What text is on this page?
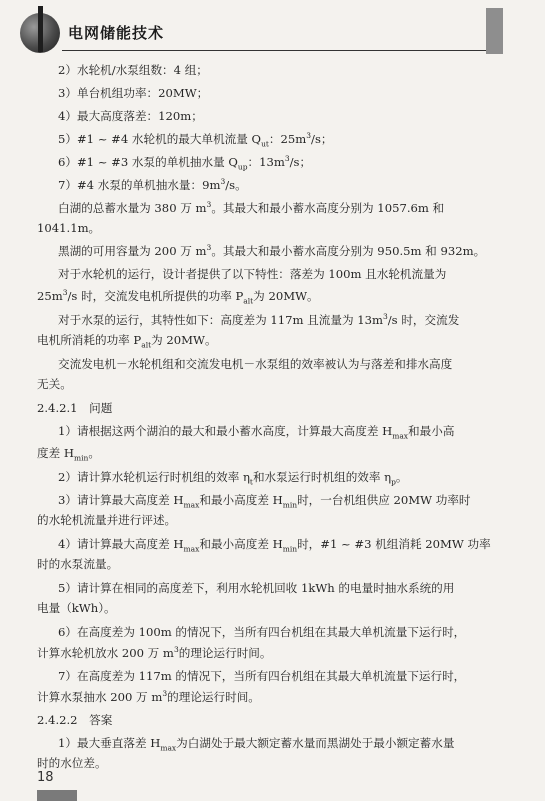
电网储能技术
2）水轮机/水泵组数：4 组；
3）单台机组功率：20MW；
4）最大高度落差：120m；
5）#1 ~ #4 水轮机的最大单机流量 $Q_{ut}$：$25m^3/s$；
6）#1 ~ #3 水泵的单机抽水量 $Q_{up}$：$13m^3/s$；
7）#4 水泵的单机抽水量：$9m^3/s$。
白湖的总蓄水量为 380 万 $m^3$。其最大和最小蓄水高度分别为 1057.6m 和
1041.1m。
黑湖的可用容量为 200 万 $m^3$。其最大和最小蓄水高度分别为 950.5m 和 932m。
对于水轮机的运行，设计者提供了以下特性：落差为 100m 且水轮机流量为
$25m^3/s$ 时，交流发电机所提供的功率 $P_{alt}$为 20MW。
对于水泵的运行，其特性如下：高度差为 117m 且流量为 $13m^3/s$ 时，交流发
电机所消耗的功率 $P_{alt}$为 20MW。
交流发电机－水轮机组和交流发电机－水泵组的效率被认为与落差和排水高度
无关。
2.4.2.1　问题
1）请根据这两个湖泊的最大和最小蓄水高度，计算最大高度差 $H_{max}$和最小高
度差 $H_{min}$。
2）请计算水轮机运行时机组的效率 $\eta_t$和水泵运行时机组的效率 $\eta_p$。
3）请计算最大高度差 $H_{max}$和最小高度差 $H_{min}$时，一台机组供应 20MW 功率时
的水轮机流量并进行评述。
4）请计算最大高度差 $H_{max}$和最小高度差 $H_{min}$时，#1 ~ #3 机组消耗 20MW 功率
时的水泵流量。
5）请计算在相同的高度差下，利用水轮机回收 1kWh 的电量时抽水系统的用
电量（kWh）。
6）在高度差为 100m 的情况下，当所有四台机组在其最大单机流量下运行时，
计算水轮机放水 200 万 $m^3$的理论运行时间。
7）在高度差为 117m 的情况下，当所有四台机组在其最大单机流量下运行时，
计算水泵抽水 200 万 $m^3$的理论运行时间。
2.4.2.2　答案
1）最大垂直落差 $H_{max}$为白湖处于最大额定蓄水量而黑湖处于最小额定蓄水量
时的水位差。
18
